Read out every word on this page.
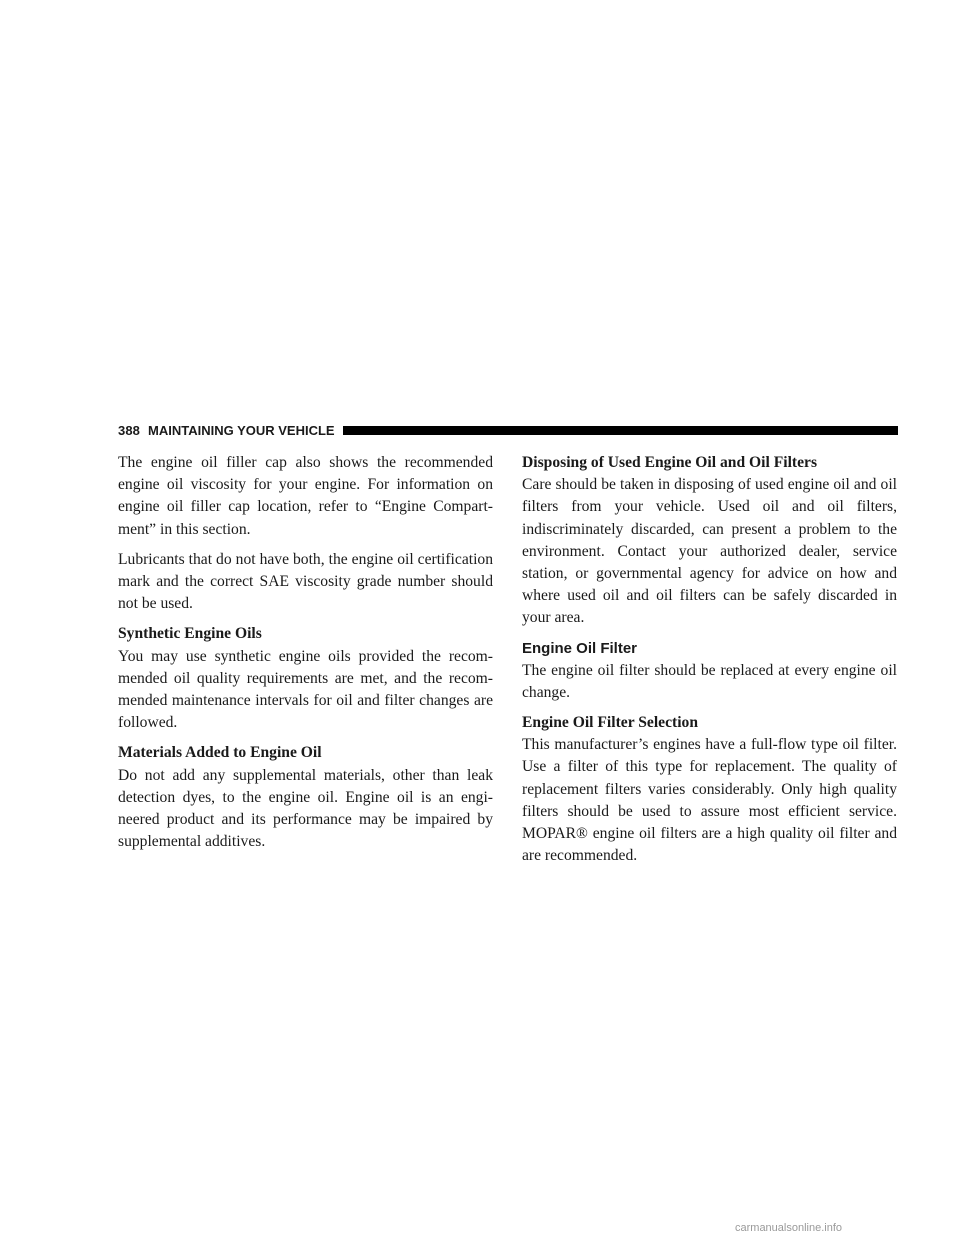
388 MAINTAINING YOUR VEHICLE

The engine oil filler cap also shows the recommended engine oil viscosity for your engine. For information on engine oil filler cap location, refer to “Engine Compartment” in this section.

Lubricants that do not have both, the engine oil certification mark and the correct SAE viscosity grade number should not be used.

Synthetic Engine Oils

You may use synthetic engine oils provided the recommended oil quality requirements are met, and the recommended maintenance intervals for oil and filter changes are followed.

Materials Added to Engine Oil

Do not add any supplemental materials, other than leak detection dyes, to the engine oil. Engine oil is an engineered product and its performance may be impaired by supplemental additives.

Disposing of Used Engine Oil and Oil Filters

Care should be taken in disposing of used engine oil and oil filters from your vehicle. Used oil and oil filters, indiscriminately discarded, can present a problem to the environment. Contact your authorized dealer, service station, or governmental agency for advice on how and where used oil and oil filters can be safely discarded in your area.

Engine Oil Filter

The engine oil filter should be replaced at every engine oil change.

Engine Oil Filter Selection

This manufacturer’s engines have a full-flow type oil filter. Use a filter of this type for replacement. The quality of replacement filters varies considerably. Only high quality filters should be used to assure most efficient service. MOPAR® engine oil filters are a high quality oil filter and are recommended.

carmanualsonline.info
